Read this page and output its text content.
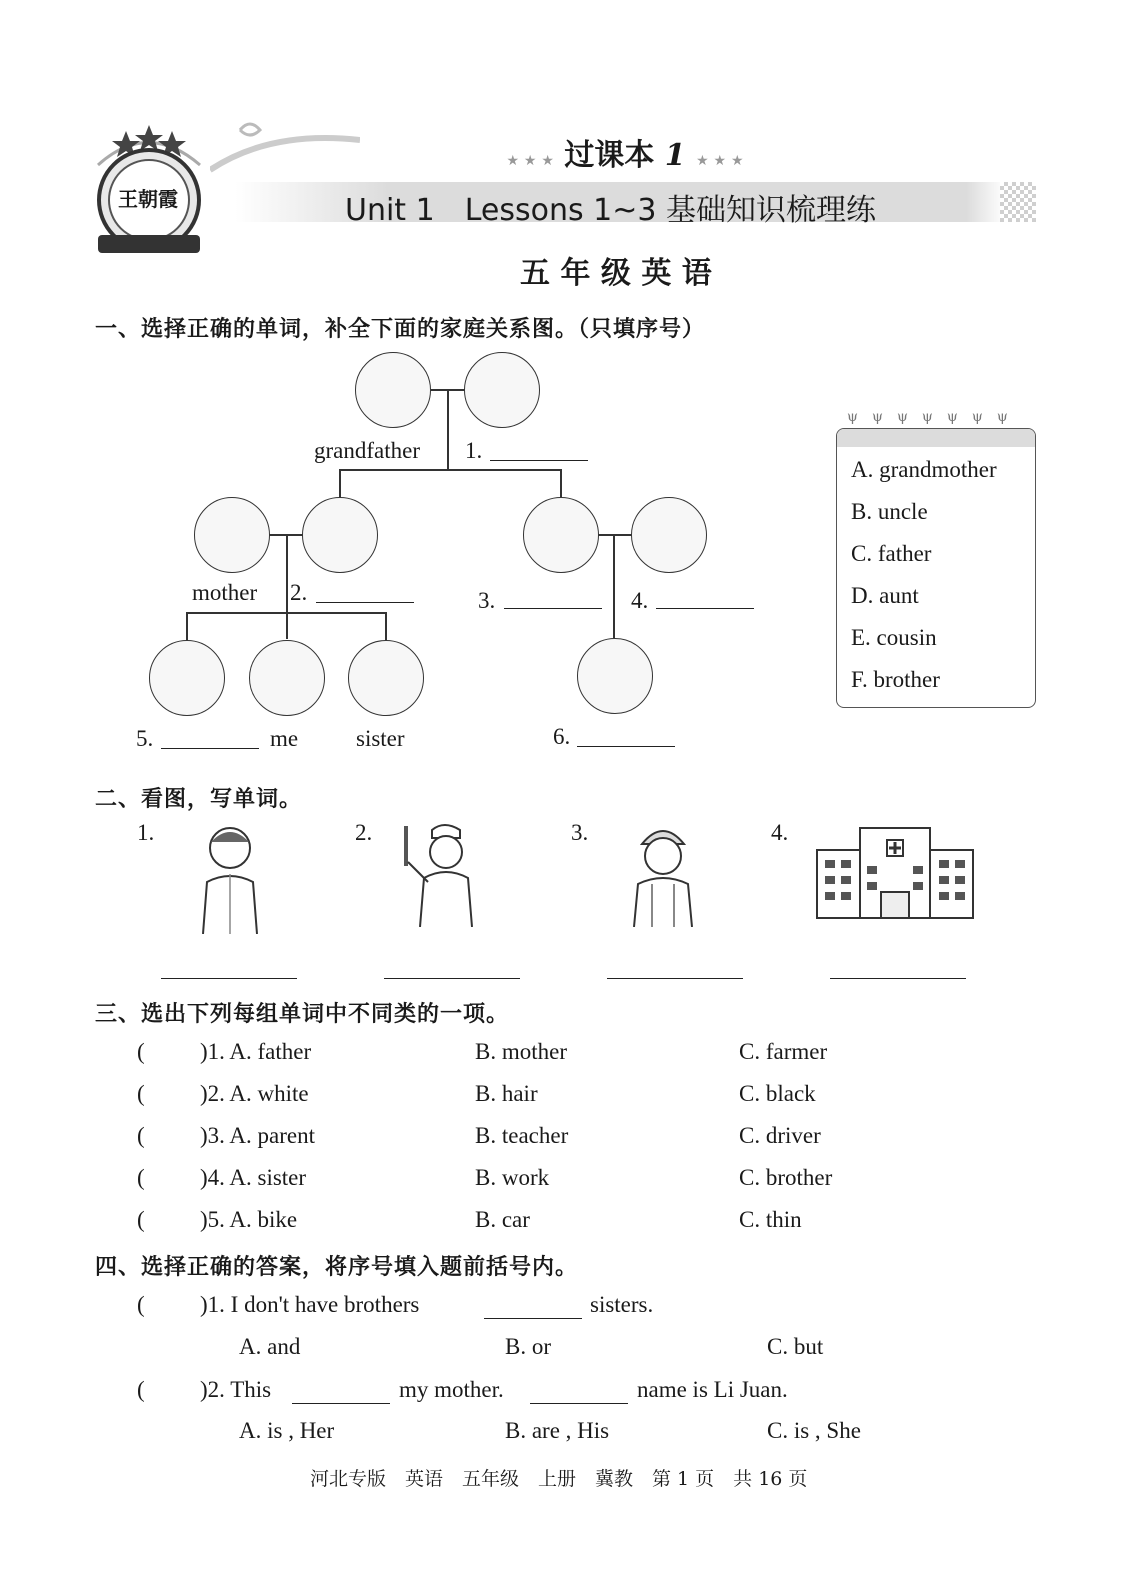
王朝霞
★ ★ ★ 过课本 1 ★ ★ ★
Unit 1　Lessons 1~3 基础知识梳理练
五 年 级 英 语
一、选择正确的单词，补全下面的家庭关系图。（只填序号）
grandfather 1.
mother 2.	3.	4.
5.	me	sister	6.
ψψψψψψψ
A. grandmother
B. uncle
C. father
D. aunt
E. cousin
F. brother
二、看图，写单词。
1.	2.	3.	4.
三、选出下列每组单词中不同类的一项。
( )1. A. father	B. mother	C. farmer
( )2. A. white	B. hair	C. black
( )3. A. parent	B. teacher	C. driver
( )4. A. sister	B. work	C. brother
( )5. A. bike	B. car	C. thin
四、选择正确的答案，将序号填入题前括号内。
( )1. I don't have brothers	sisters.
A. and	B. or	C. but
( )2. This	my mother.	name is Li Juan.
A. is , Her	B. are , His	C. is , She
河北专版　英语　五年级　上册　冀教　第 1 页　共 16 页
